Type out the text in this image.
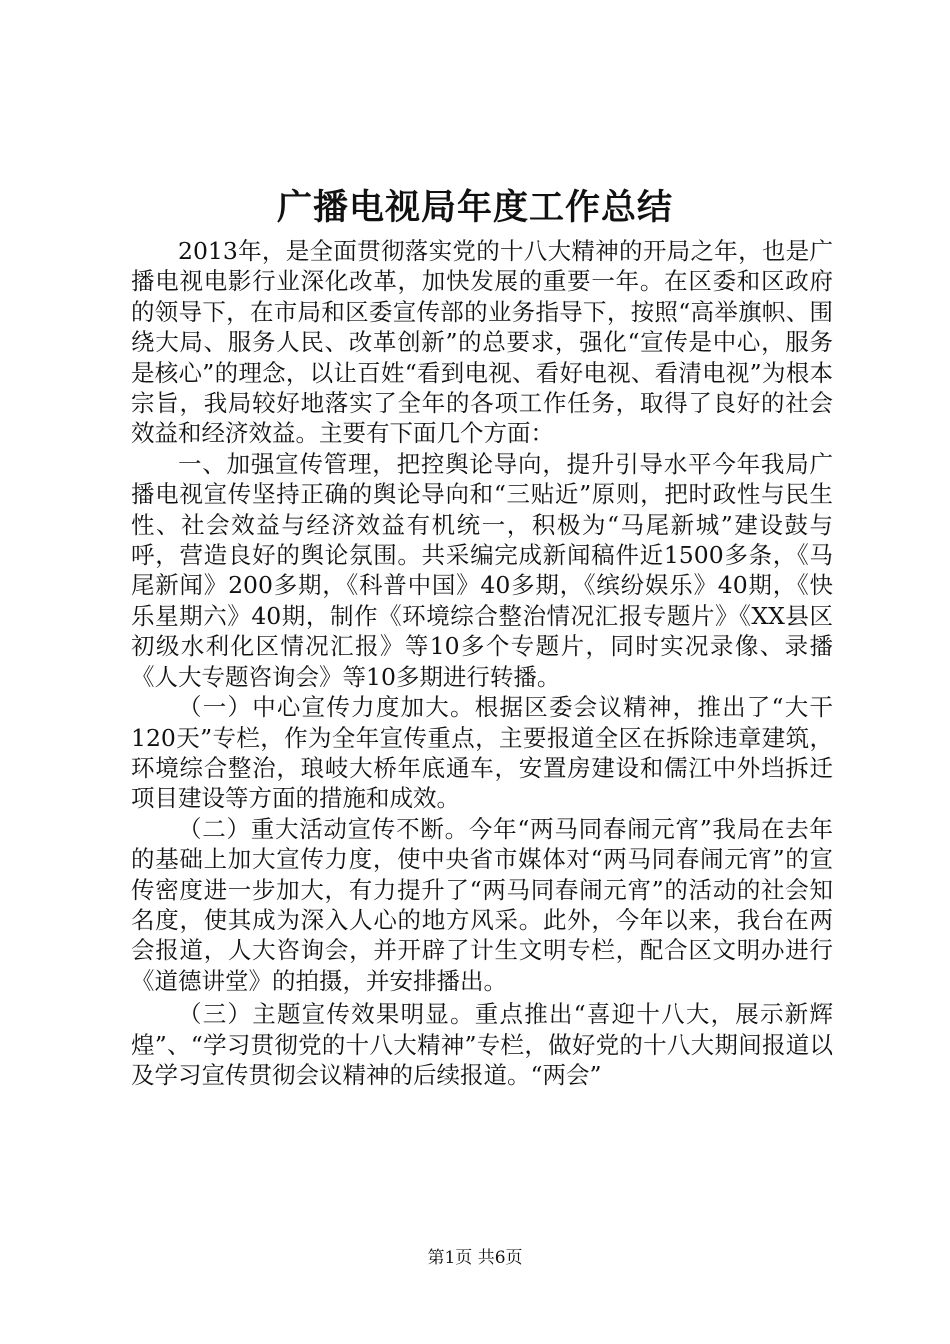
广播电视局年度工作总结

2013年，是全面贯彻落实党的十八大精神的开局之年，也是广播电视电影行业深化改革，加快发展的重要一年。在区委和区政府的领导下，在市局和区委宣传部的业务指导下，按照“高举旗帜、围绕大局、服务人民、改革创新”的总要求，强化“宣传是中心，服务是核心”的理念，以让百姓“看到电视、看好电视、看清电视”为根本宗旨，我局较好地落实了全年的各项工作任务，取得了良好的社会效益和经济效益。主要有下面几个方面：

一、加强宣传管理，把控舆论导向，提升引导水平今年我局广播电视宣传坚持正确的舆论导向和“三贴近”原则，把时政性与民生性、社会效益与经济效益有机统一，积极为“马尾新城”建设鼓与呼，营造良好的舆论氛围。共采编完成新闻稿件近1500多条，《马尾新闻》200多期，《科普中国》40多期，《缤纷娱乐》40期，《快乐星期六》40期，制作《环境综合整治情况汇报专题片》《XX县区初级水利化区情况汇报》等10多个专题片，同时实况录像、录播《人大专题咨询会》等10多期进行转播。

（一）中心宣传力度加大。根据区委会议精神，推出了“大干120天”专栏，作为全年宣传重点，主要报道全区在拆除违章建筑，环境综合整治，琅岐大桥年底通车，安置房建设和儒江中外垱拆迁项目建设等方面的措施和成效。

（二）重大活动宣传不断。今年“两马同春闹元宵”我局在去年的基础上加大宣传力度，使中央省市媒体对“两马同春闹元宵”的宣传密度进一步加大，有力提升了“两马同春闹元宵”的活动的社会知名度，使其成为深入人心的地方风采。此外，今年以来，我台在两会报道，人大咨询会，并开辟了计生文明专栏，配合区文明办进行《道德讲堂》的拍摄，并安排播出。

（三）主题宣传效果明显。重点推出“喜迎十八大，展示新辉煌”、“学习贯彻党的十八大精神”专栏，做好党的十八大期间报道以及学习宣传贯彻会议精神的后续报道。“两会”

第1页 共6页
